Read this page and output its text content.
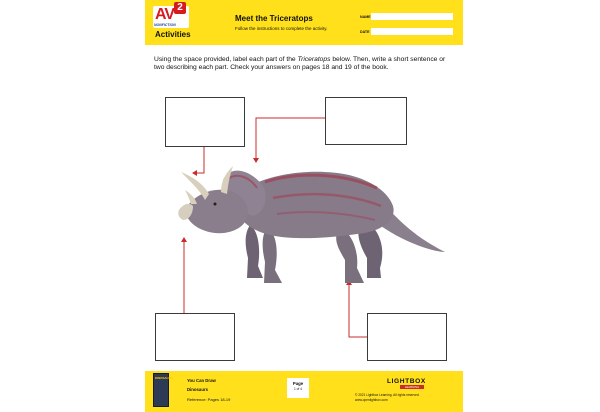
AV 2
NONFICTION
Activities
Meet the Triceratops
Follow the instructions to complete the activity.
NAME
DATE
Using the space provided, label each part of the Triceratops below. Then, write a short sentence or two describing each part. Check your answers on pages 18 and 19 of the book.
DINOSAURS	You Can Draw
Dinosaurs
Reference: Pages 18-19
Page
1 of 4
LIGHTBOX
LEARNING
© 2021 Lightbox Learning. All rights reserved.
www.openlightbox.com
